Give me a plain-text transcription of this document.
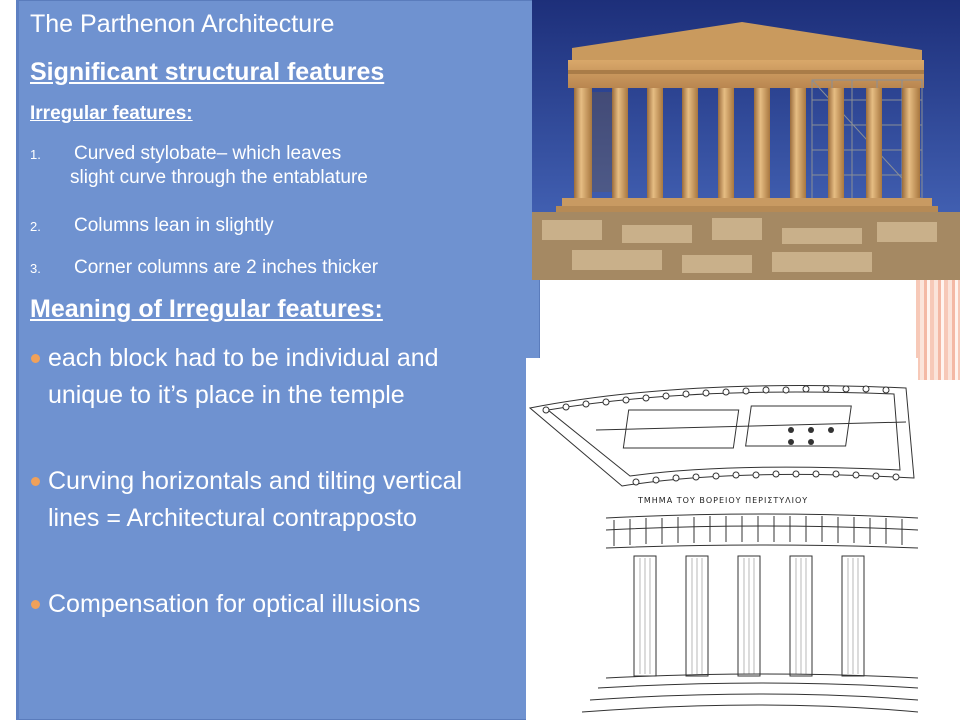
The Parthenon Architecture

Significant structural features

Irregular features:

1. Curved stylobate– which leaves
slight curve through the entablature
2. Columns lean in slightly
3. Corner columns are 2 inches thicker

Meaning of Irregular features:

each block had to be individual and unique to it’s place in the temple
Curving horizontals and tilting vertical lines = Architectural contrapposto
Compensation for optical illusions
ΤΜΗΜΑ ΤΟΥ ΒΟΡΕΙΟΥ ΠΕΡΙΣΤΥΛΙΟΥ
